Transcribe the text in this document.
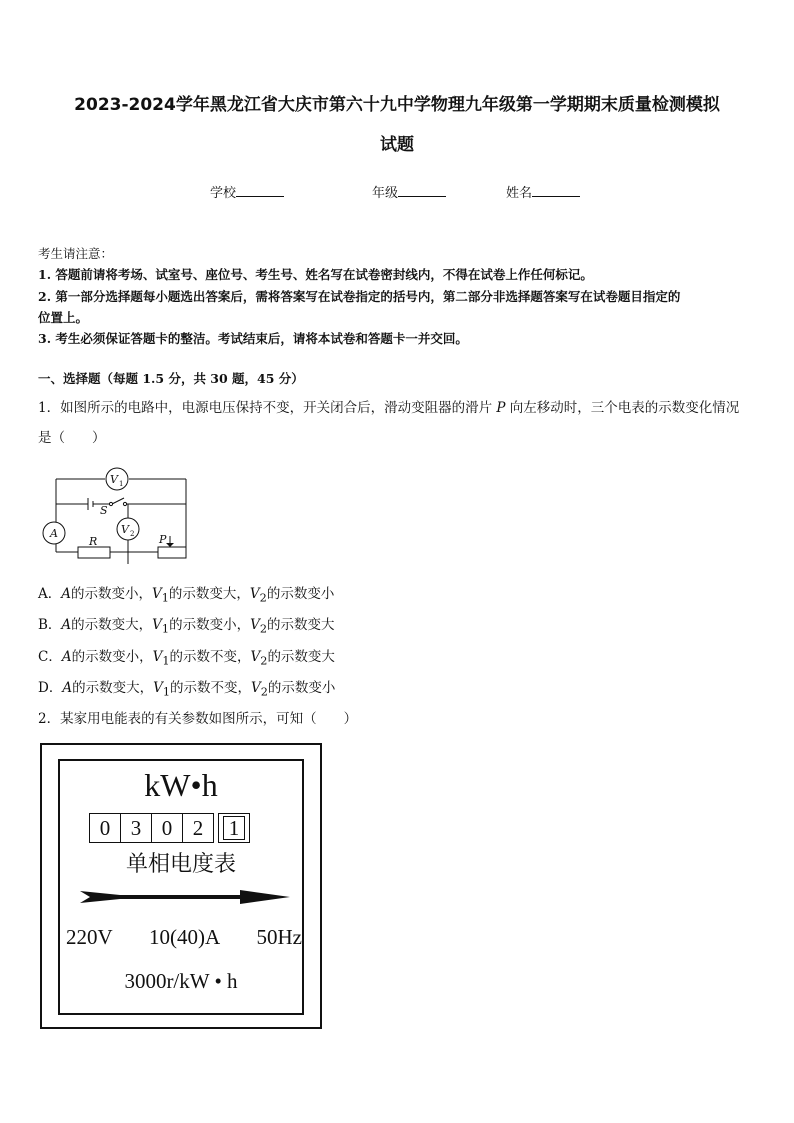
2023-2024学年黑龙江省大庆市第六十九中学物理九年级第一学期期末质量检测模拟
试题
学校	年级	姓名
考生请注意：
1. 答题前请将考场、试室号、座位号、考生号、姓名写在试卷密封线内，不得在试卷上作任何标记。
2. 第一部分选择题每小题选出答案后，需将答案写在试卷指定的括号内，第二部分非选择题答案写在试卷题目指定的
位置上。
3. 考生必须保证答题卡的整洁。考试结束后，请将本试卷和答题卡一并交回。
一、选择题（每题 1.5 分，共 30 题，45 分）
1．如图所示的电路中，电源电压保持不变，开关闭合后，滑动变阻器的滑片 P 向左移动时，三个电表的示数变化情况
是（　　）
V 1
V 2
A
S
R	P
A．A的示数变小，$V_1$的示数变大，$V_2$的示数变小
B．A的示数变大，$V_1$的示数变小，$V_2$的示数变大
C．A的示数变小，$V_1$的示数不变，$V_2$的示数变大
D．A的示数变大，$V_1$的示数不变，$V_2$的示数变小
2．某家用电能表的有关参数如图所示，可知（　　）
kW•h
0 3 0 2	1
单相电度表
220V 10(40)A 50Hz
3000r/kW • h
